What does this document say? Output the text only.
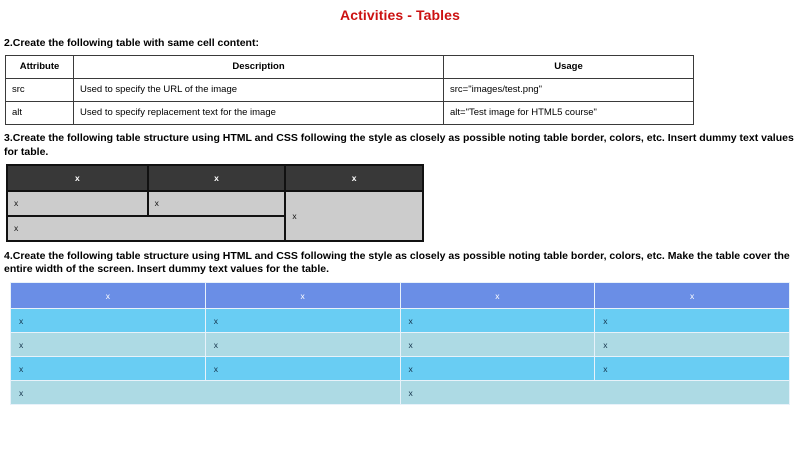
Activities - Tables

2.Create the following table with same cell content:

Attribute	Description	Usage
src	Used to specify the URL of the image	src="images/test.png"
alt	Used to specify replacement text for the image	alt="Test image for HTML5 course"

3.Create the following table structure using HTML and CSS following the style as closely as possible noting table border, colors, etc. Insert dummy text values for table.

x	x	x
x	x	x
x		

4.Create the following table structure using HTML and CSS following the style as closely as possible noting table border, colors, etc. Make the table cover the entire width of the screen. Insert dummy text values for the table.

x	x	x	x
x	x	x	x
x	x	x	x
x	x	x	x
x		x	
